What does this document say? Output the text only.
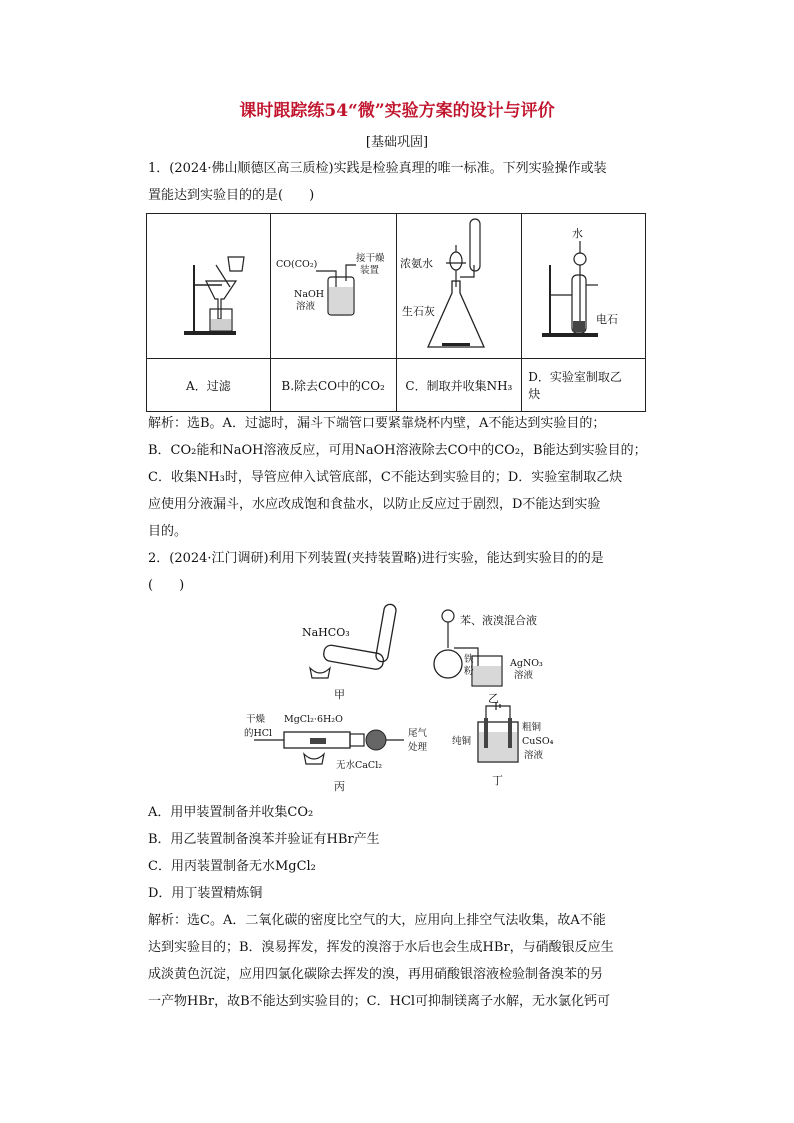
课时跟踪练54“微”实验方案的设计与评价
[基础巩固]
1．(2024·佛山顺德区高三质检)实践是检验真理的唯一标准。下列实验操作或装
置能达到实验目的的是(　　)

CO(CO₂)
接干燥
装置
NaOH
溶液	浓氨水
生石灰	水
电石

A．过滤	B.除去CO中的CO₂	C．制取并收集NH₃	D．实验室制取乙
炔
解析：选B。A．过滤时，漏斗下端管口要紧靠烧杯内壁，A不能达到实验目的；
B．CO₂能和NaOH溶液反应，可用NaOH溶液除去CO中的CO₂，B能达到实验目的；
C．收集NH₃时，导管应伸入试管底部，C不能达到实验目的；D．实验室制取乙炔
应使用分液漏斗，水应改成饱和食盐水，以防止反应过于剧烈，D不能达到实验
目的。
2．(2024·江门调研)利用下列装置(夹持装置略)进行实验，能达到实验目的的是
(　　)
NaHCO₃
甲
苯、液溴混合液
铁
粉
AgNO₃
溶液
乙
干燥
的HCl
MgCl₂·6H₂O
尾气
处理
无水CaCl₂
丙
纯铜
粗铜
CuSO₄
溶液
丁
A．用甲装置制备并收集CO₂
B．用乙装置制备溴苯并验证有HBr产生
C．用丙装置制备无水MgCl₂
D．用丁装置精炼铜
解析：选C。A．二氧化碳的密度比空气的大，应用向上排空气法收集，故A不能
达到实验目的；B．溴易挥发，挥发的溴溶于水后也会生成HBr，与硝酸银反应生
成淡黄色沉淀，应用四氯化碳除去挥发的溴，再用硝酸银溶液检验制备溴苯的另
一产物HBr，故B不能达到实验目的；C．HCl可抑制镁离子水解，无水氯化钙可
